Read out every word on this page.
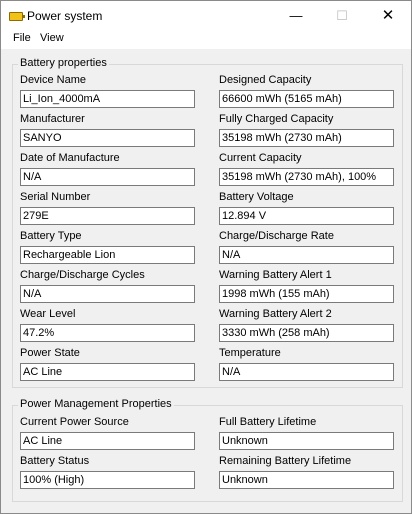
Power system	—	☐	✕
File View
Battery properties
Device Name
Li_Ion_4000mA
Designed Capacity
66600 mWh (5165 mAh)
Manufacturer
SANYO
Fully Charged Capacity
35198 mWh (2730 mAh)
Date of Manufacture
N/A
Current Capacity
35198 mWh (2730 mAh), 100%
Serial Number
279E
Battery Voltage
12.894 V
Battery Type
Rechargeable Lion
Charge/Discharge Rate
N/A
Charge/Discharge Cycles
N/A
Warning Battery Alert 1
1998 mWh (155 mAh)
Wear Level
47.2%
Warning Battery Alert 2
3330 mWh (258 mAh)
Power State
AC Line
Temperature
N/A
Power Management Properties
Current Power Source
AC Line
Full Battery Lifetime
Unknown
Battery Status
100% (High)
Remaining Battery Lifetime
Unknown
